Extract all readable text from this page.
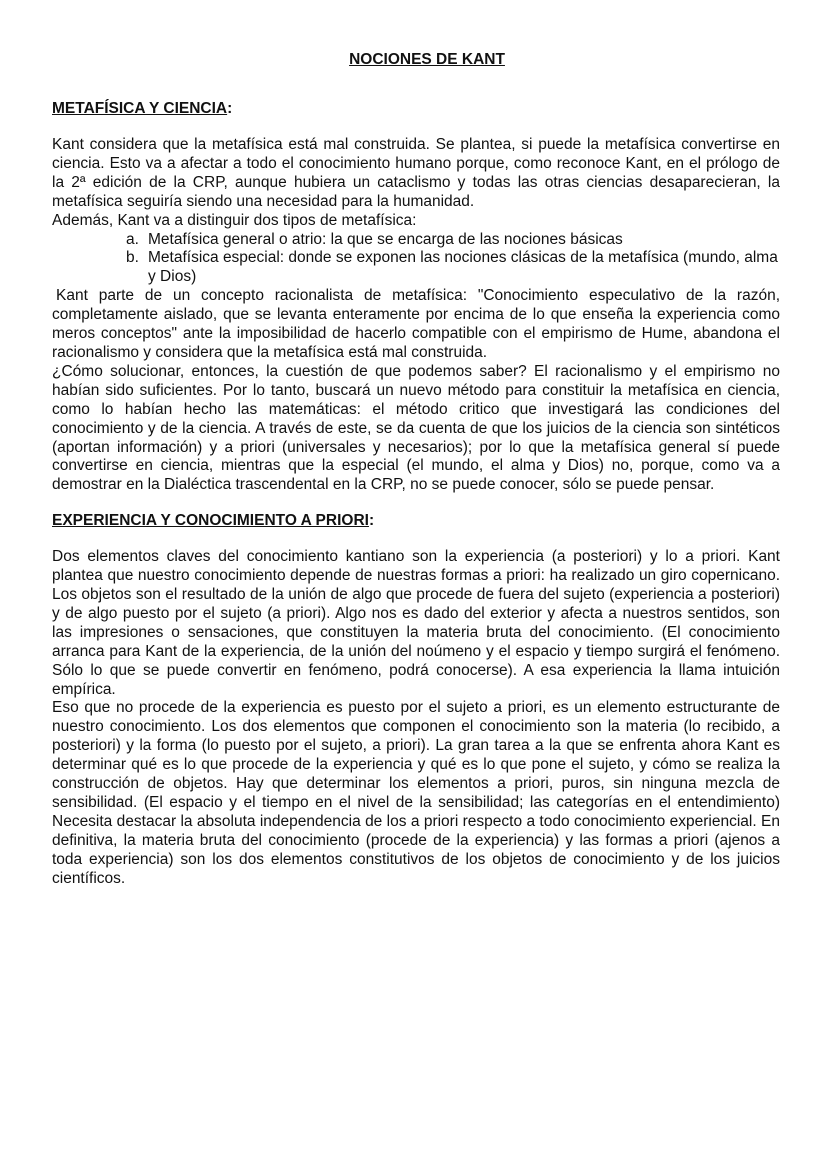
NOCIONES DE KANT
METAFÍSICA Y CIENCIA:

Kant considera que la metafísica está mal construida. Se plantea, si puede la metafísica convertirse en ciencia. Esto va a afectar a todo el conocimiento humano porque, como reconoce Kant, en el prólogo de la 2ª edición de la CRP, aunque hubiera un cataclismo y todas las otras ciencias desaparecieran, la metafísica seguiría siendo una necesidad para la humanidad.

Además, Kant va a distinguir dos tipos de metafísica:

a. Metafísica general o atrio: la que se encarga de las nociones básicas
b. Metafísica especial: donde se exponen las nociones clásicas de la metafísica (mundo, alma y Dios)

Kant parte de un concepto racionalista de metafísica: "Conocimiento especulativo de la razón, completamente aislado, que se levanta enteramente por encima de lo que enseña la experiencia como meros conceptos" ante la imposibilidad de hacerlo compatible con el empirismo de Hume, abandona el racionalismo y considera que la metafísica está mal construida.

¿Cómo solucionar, entonces, la cuestión de que podemos saber? El racionalismo y el empirismo no habían sido suficientes. Por lo tanto, buscará un nuevo método para constituir la metafísica en ciencia, como lo habían hecho las matemáticas: el método critico que investigará las condiciones del conocimiento y de la ciencia. A través de este, se da cuenta de que los juicios de la ciencia son sintéticos (aportan información) y a priori (universales y necesarios); por lo que la metafísica general sí puede convertirse en ciencia, mientras que la especial (el mundo, el alma y Dios) no, porque, como va a demostrar en la Dialéctica trascendental en la CRP, no se puede conocer, sólo se puede pensar.

EXPERIENCIA Y CONOCIMIENTO A PRIORI:

Dos elementos claves del conocimiento kantiano son la experiencia (a posteriori) y lo a priori. Kant plantea que nuestro conocimiento depende de nuestras formas a priori: ha realizado un giro copernicano. Los objetos son el resultado de la unión de algo que procede de fuera del sujeto (experiencia a posteriori) y de algo puesto por el sujeto (a priori). Algo nos es dado del exterior y afecta a nuestros sentidos, son las impresiones o sensaciones, que constituyen la materia bruta del conocimiento. (El conocimiento arranca para Kant de la experiencia, de la unión del noúmeno y el espacio y tiempo surgirá el fenómeno. Sólo lo que se puede convertir en fenómeno, podrá conocerse). A esa experiencia la llama intuición empírica.

Eso que no procede de la experiencia es puesto por el sujeto a priori, es un elemento estructurante de nuestro conocimiento. Los dos elementos que componen el conocimiento son la materia (lo recibido, a posteriori) y la forma (lo puesto por el sujeto, a priori). La gran tarea a la que se enfrenta ahora Kant es determinar qué es lo que procede de la experiencia y qué es lo que pone el sujeto, y cómo se realiza la construcción de objetos. Hay que determinar los elementos a priori, puros, sin ninguna mezcla de sensibilidad. (El espacio y el tiempo en el nivel de la sensibilidad; las categorías en el entendimiento) Necesita destacar la absoluta independencia de los a priori respecto a todo conocimiento experiencial. En definitiva, la materia bruta del conocimiento (procede de la experiencia) y las formas a priori (ajenos a toda experiencia) son los dos elementos constitutivos de los objetos de conocimiento y de los juicios científicos.
